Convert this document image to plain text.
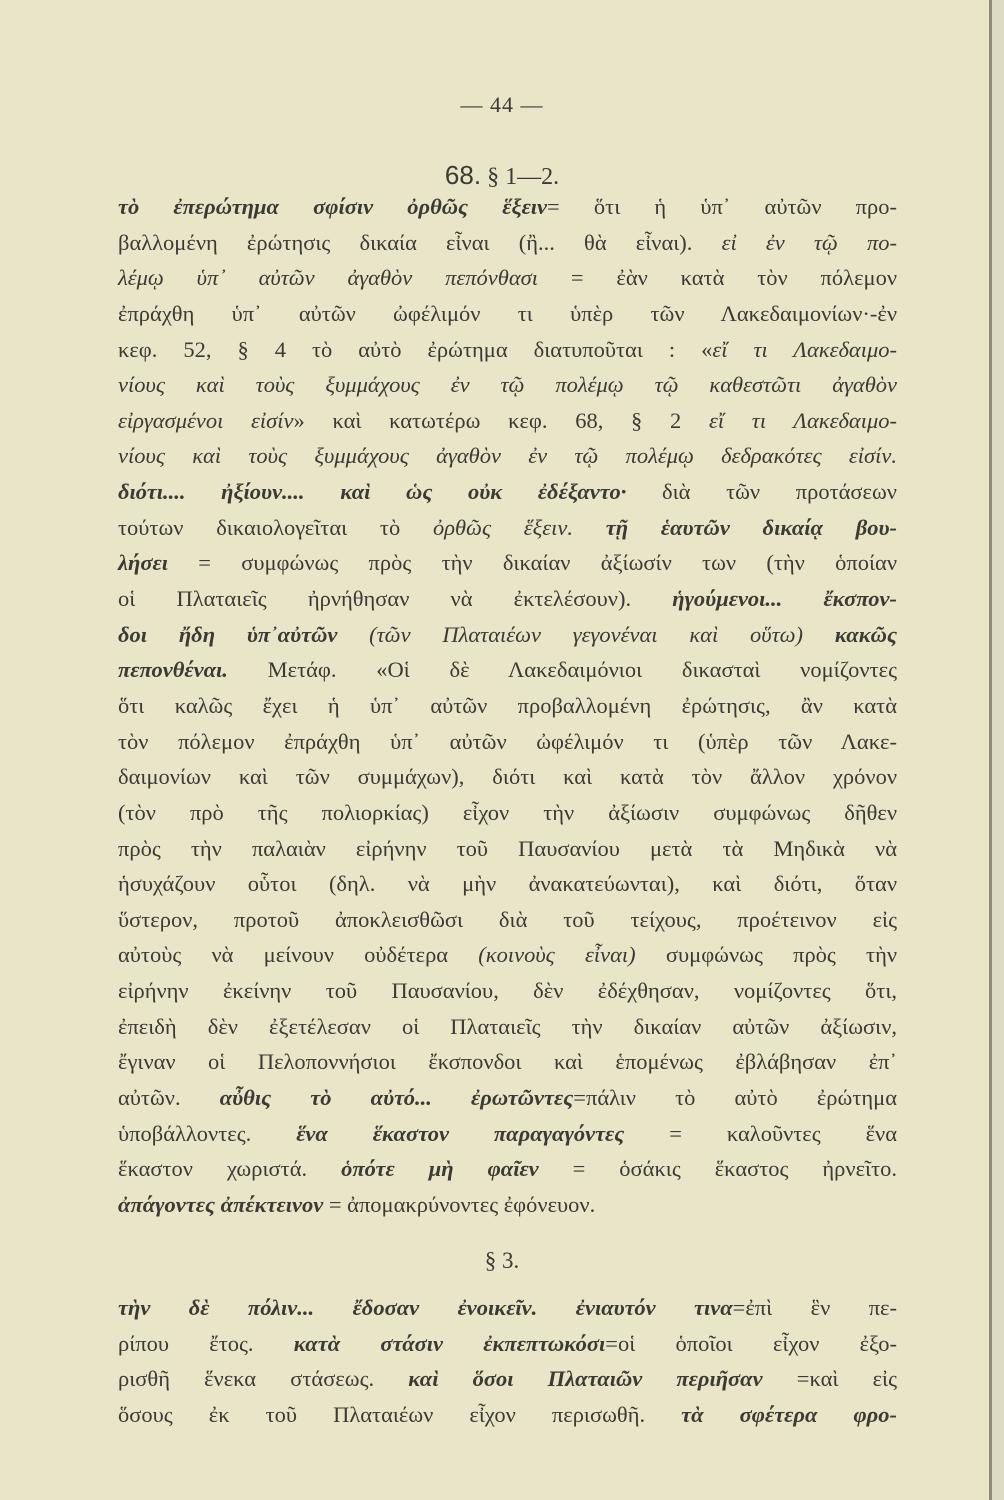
— 44 —
68. § 1—2.
τὸ ἐπερώτημα σφίσιν ὀρθῶς ἕξειν= ὅτι ἡ ὑπ᾽ αὐτῶν προ-
βαλλομένη ἐρώτησις δικαία εἶναι (ἢ... θὰ εἶναι). εἰ ἐν τῷ πο-
λέμῳ ὑπ᾽ αὐτῶν ἀγαθὸν πεπόνθασι = ἐὰν κατὰ τὸν πόλεμον
ἐπράχθη ὑπ᾽ αὐτῶν ὠφέλιμόν τι ὑπὲρ τῶν Λακεδαιμονίων·-ἐν
κεφ. 52, § 4 τὸ αὐτὸ ἐρώτημα διατυποῦται : «εἴ τι Λακεδαιμο-
νίους καὶ τοὺς ξυμμάχους ἐν τῷ πολέμῳ τῷ καθεστῶτι ἀγαθὸν
εἰργασμένοι εἰσίν» καὶ κατωτέρω κεφ. 68, § 2 εἴ τι Λακεδαιμο-
νίους καὶ τοὺς ξυμμάχους ἀγαθὸν ἐν τῷ πολέμῳ δεδρακότες εἰσίν.
διότι.... ἠξίουν.... καὶ ὡς οὐκ ἐδέξαντο· διὰ τῶν προτάσεων
τούτων δικαιολογεῖται τὸ ὀρθῶς ἕξειν. τῇ ἑαυτῶν δικαίᾳ βου-
λήσει = συμφώνως πρὸς τὴν δικαίαν ἀξίωσίν των (τὴν ὁποίαν
οἱ Πλαταιεῖς ἠρνήθησαν νὰ ἐκτελέσουν). ἡγούμενοι... ἔκσπον-
δοι ἤδη ὑπ᾽αὐτῶν (τῶν Πλαταιέων γεγονέναι καὶ οὕτω) κακῶς
πεπονθέναι. Μετάφ. «Οἱ δὲ Λακεδαιμόνιοι δικασταὶ νομίζοντες
ὅτι καλῶς ἔχει ἡ ὑπ᾽ αὐτῶν προβαλλομένη ἐρώτησις, ἂν κατὰ
τὸν πόλεμον ἐπράχθη ὑπ᾽ αὐτῶν ὠφέλιμόν τι (ὑπὲρ τῶν Λακε-
δαιμονίων καὶ τῶν συμμάχων), διότι καὶ κατὰ τὸν ἄλλον χρόνον
(τὸν πρὸ τῆς πολιορκίας) εἶχον τὴν ἀξίωσιν συμφώνως δῆθεν
πρὸς τὴν παλαιὰν εἰρήνην τοῦ Παυσανίου μετὰ τὰ Μηδικὰ νὰ
ἡσυχάζουν οὗτοι (δηλ. νὰ μὴν ἀνακατεύωνται), καὶ διότι, ὅταν
ὕστερον, προτοῦ ἀποκλεισθῶσι διὰ τοῦ τείχους, προέτεινον εἰς
αὐτοὺς νὰ μείνουν οὐδέτερα (κοινοὺς εἶναι) συμφώνως πρὸς τὴν
εἰρήνην ἐκείνην τοῦ Παυσανίου, δὲν ἐδέχθησαν, νομίζοντες ὅτι,
ἐπειδὴ δὲν ἐξετέλεσαν οἱ Πλαταιεῖς τὴν δικαίαν αὐτῶν ἀξίωσιν,
ἔγιναν οἱ Πελοποννήσιοι ἔκσπονδοι καὶ ἑπομένως ἐβλάβησαν ἐπ᾽
αὐτῶν. αὖθις τὸ αὐτό... ἐρωτῶντες=πάλιν τὸ αὐτὸ ἐρώτημα
ὑποβάλλοντες. ἕνα ἕκαστον παραγαγόντες = καλοῦντες ἕνα
ἕκαστον χωριστά. ὁπότε μὴ φαῖεν = ὁσάκις ἕκαστος ἠρνεῖτο.
ἀπάγοντες ἀπέκτεινον = ἀπομακρύνοντες ἐφόνευον.
§ 3.
τὴν δὲ πόλιν... ἔδοσαν ἐνοικεῖν. ἐνιαυτόν τινα=ἐπὶ ἓν πε-
ρίπου ἔτος. κατὰ στάσιν ἐκπεπτωκόσι=οἱ ὁποῖοι εἶχον ἐξο-
ρισθῆ ἕνεκα στάσεως. καὶ ὅσοι Πλαταιῶν περιῆσαν =καὶ εἰς
ὅσους ἐκ τοῦ Πλαταιέων εἶχον περισωθῆ. τὰ σφέτερα φρο-
